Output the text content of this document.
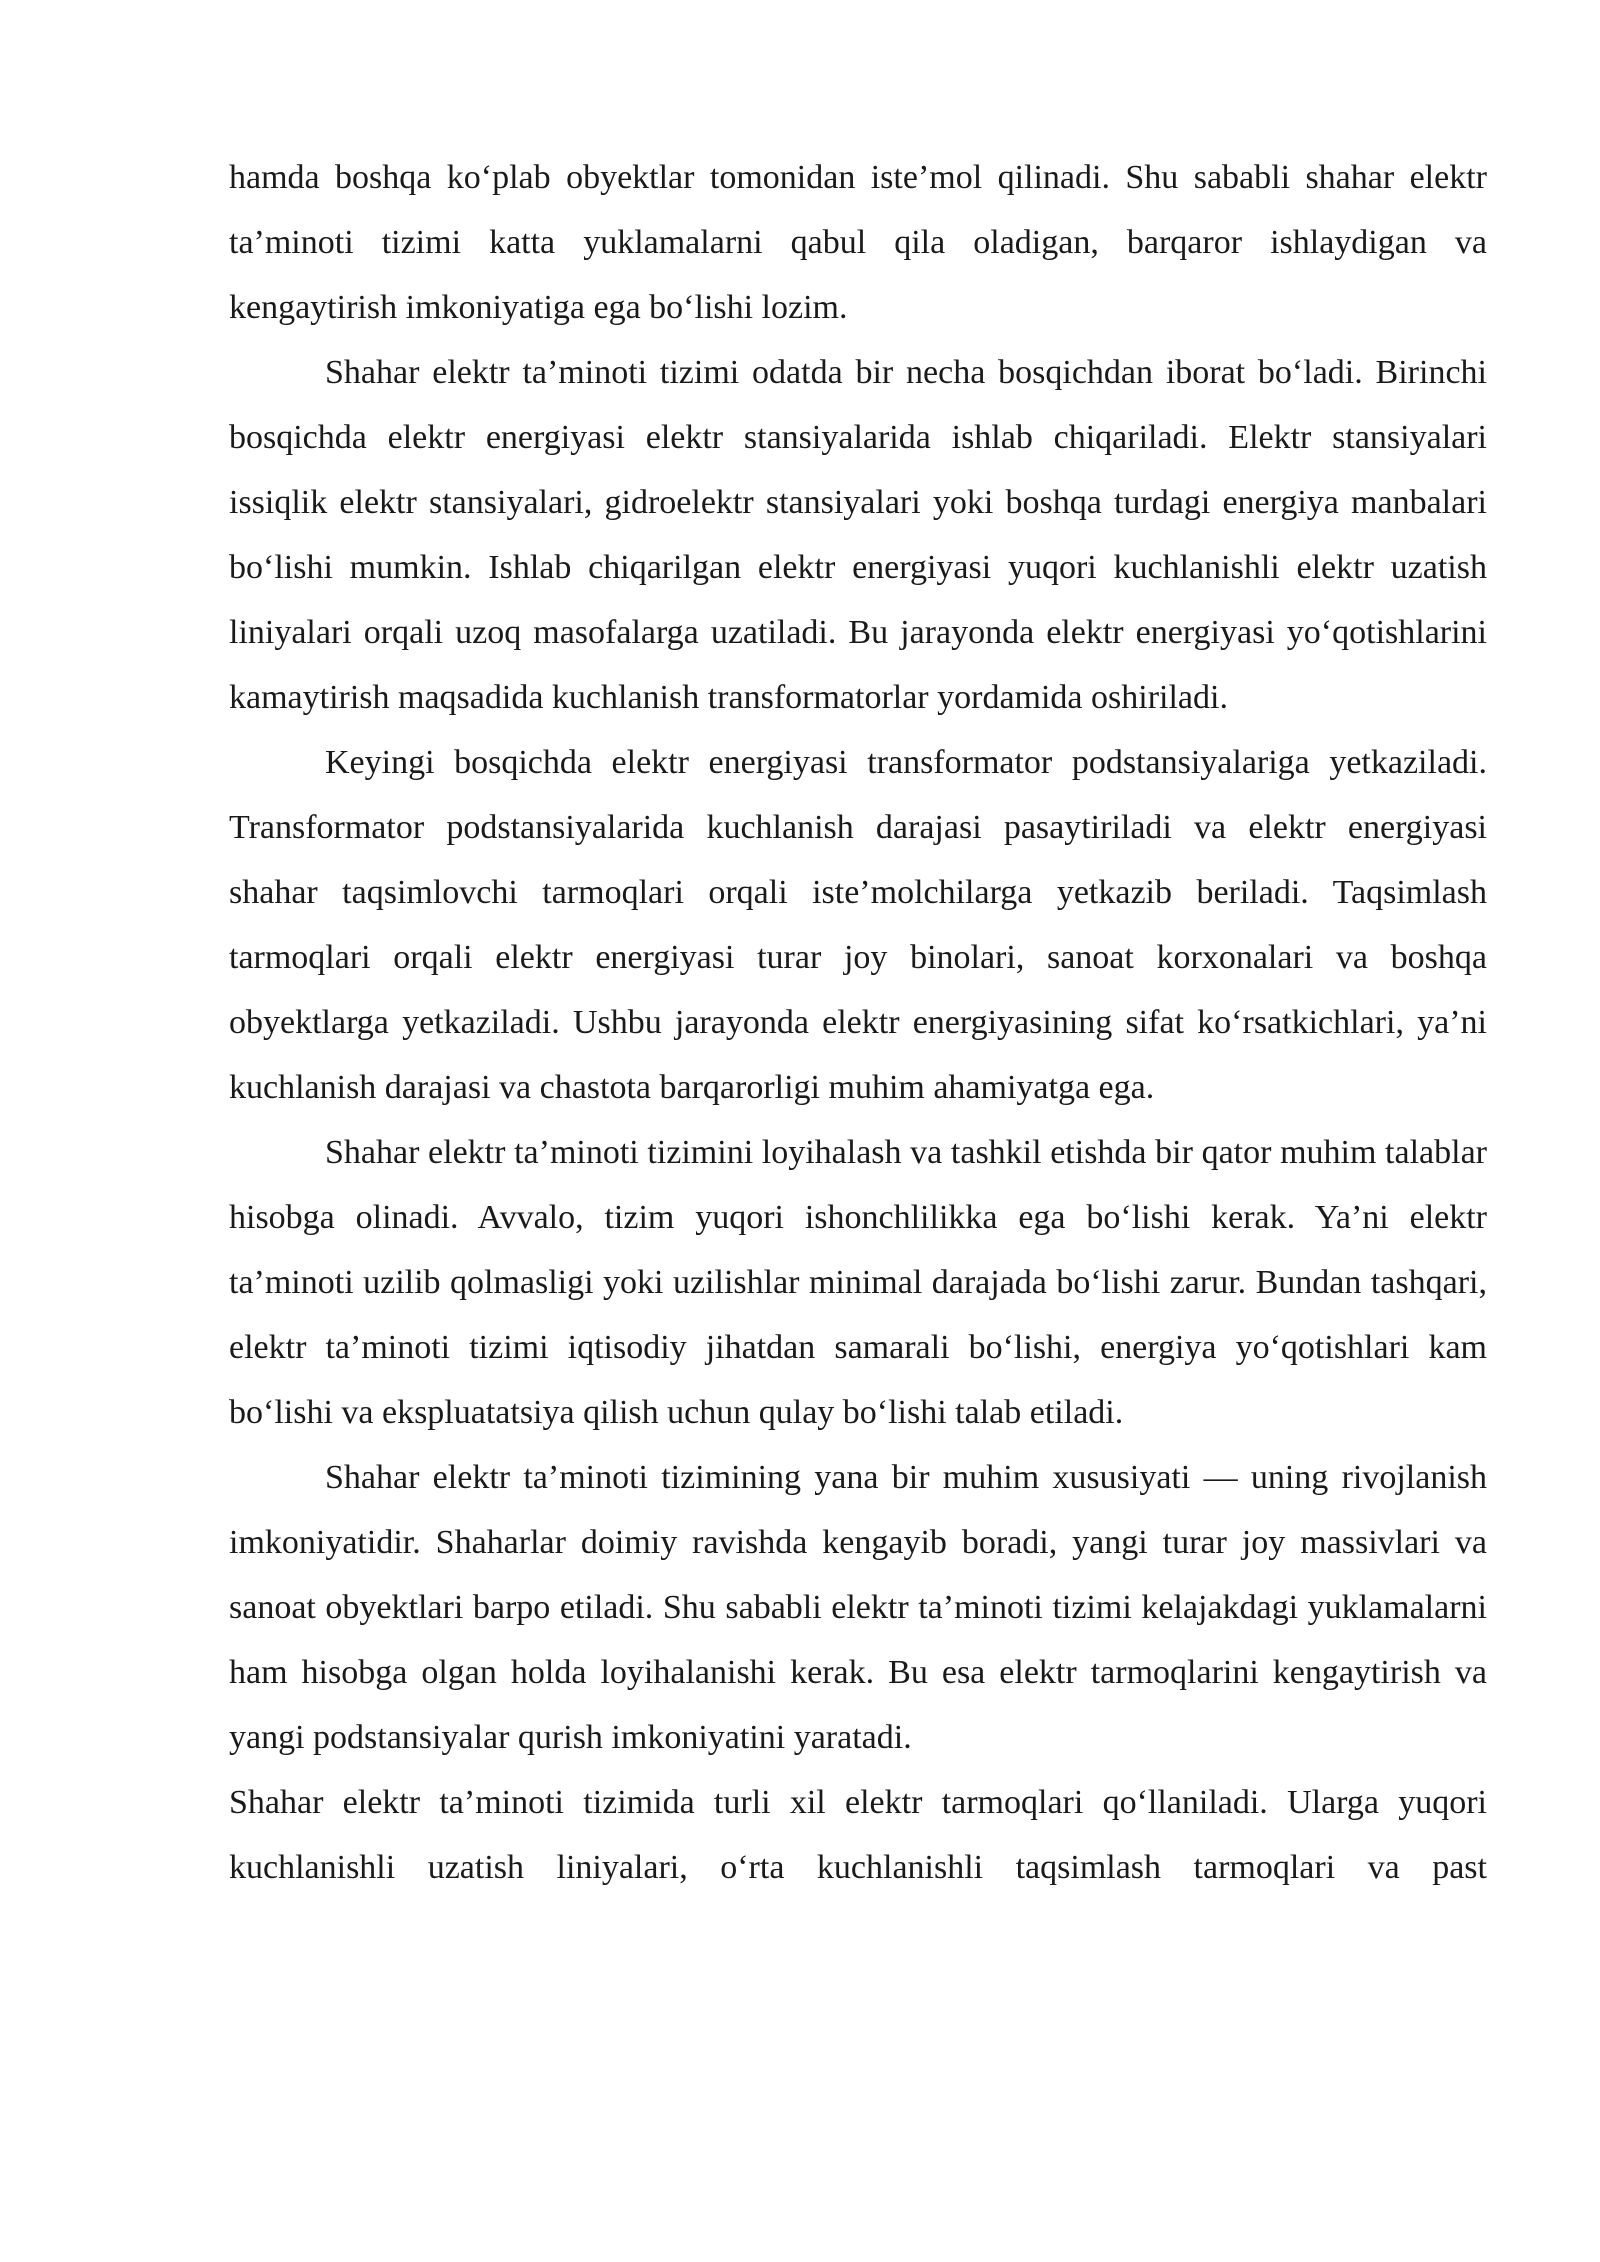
hamda boshqa ko‘plab obyektlar tomonidan iste’mol qilinadi. Shu sababli shahar elektr ta’minoti tizimi katta yuklamalarni qabul qila oladigan, barqaror ishlaydigan va kengaytirish imkoniyatiga ega bo‘lishi lozim.

Shahar elektr ta’minoti tizimi odatda bir necha bosqichdan iborat bo‘ladi. Birinchi bosqichda elektr energiyasi elektr stansiyalarida ishlab chiqariladi. Elektr stansiyalari issiqlik elektr stansiyalari, gidroelektr stansiyalari yoki boshqa turdagi energiya manbalari bo‘lishi mumkin. Ishlab chiqarilgan elektr energiyasi yuqori kuchlanishli elektr uzatish liniyalari orqali uzoq masofalarga uzatiladi. Bu jarayonda elektr energiyasi yo‘qotishlarini kamaytirish maqsadida kuchlanish transformatorlar yordamida oshiriladi.

Keyingi bosqichda elektr energiyasi transformator podstansiyalariga yetkaziladi. Transformator podstansiyalarida kuchlanish darajasi pasaytiriladi va elektr energiyasi shahar taqsimlovchi tarmoqlari orqali iste’molchilarga yetkazib beriladi. Taqsimlash tarmoqlari orqali elektr energiyasi turar joy binolari, sanoat korxonalari va boshqa obyektlarga yetkaziladi. Ushbu jarayonda elektr energiyasining sifat ko‘rsatkichlari, ya’ni kuchlanish darajasi va chastota barqarorligi muhim ahamiyatga ega.

Shahar elektr ta’minoti tizimini loyihalash va tashkil etishda bir qator muhim talablar hisobga olinadi. Avvalo, tizim yuqori ishonchlilikka ega bo‘lishi kerak. Ya’ni elektr ta’minoti uzilib qolmasligi yoki uzilishlar minimal darajada bo‘lishi zarur. Bundan tashqari, elektr ta’minoti tizimi iqtisodiy jihatdan samarali bo‘lishi, energiya yo‘qotishlari kam bo‘lishi va ekspluatatsiya qilish uchun qulay bo‘lishi talab etiladi.

Shahar elektr ta’minoti tizimining yana bir muhim xususiyati — uning rivojlanish imkoniyatidir. Shaharlar doimiy ravishda kengayib boradi, yangi turar joy massivlari va sanoat obyektlari barpo etiladi. Shu sababli elektr ta’minoti tizimi kelajakdagi yuklamalarni ham hisobga olgan holda loyihalanishi kerak. Bu esa elektr tarmoqlarini kengaytirish va yangi podstansiyalar qurish imkoniyatini yaratadi.

Shahar elektr ta’minoti tizimida turli xil elektr tarmoqlari qo‘llaniladi. Ularga yuqori kuchlanishli uzatish liniyalari, o‘rta kuchlanishli taqsimlash tarmoqlari va past
